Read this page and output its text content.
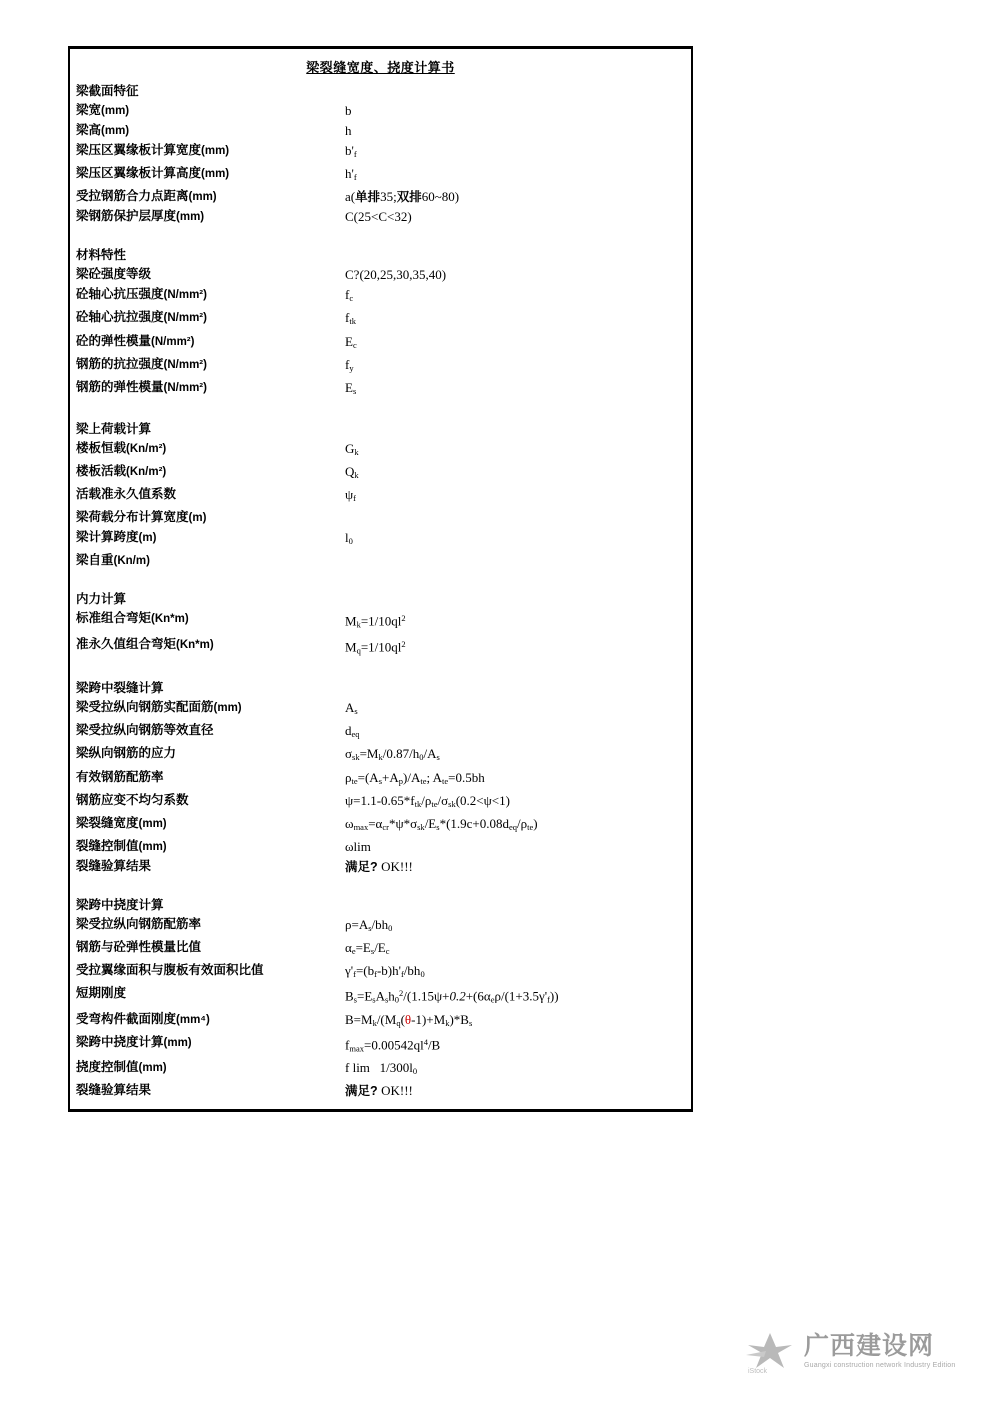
梁裂缝宽度、挠度计算书
梁截面特征
梁宽(mm)	b
梁高(mm)	h
梁压区翼缘板计算宽度(mm)	$b'_f$
梁压区翼缘板计算高度(mm)	$h'_f$
受拉钢筋合力点距离(mm)	a(单排35;双排60~80)
梁钢筋保护层厚度(mm)	C(25<C<32)
材料特性
梁砼强度等级	C?(20,25,30,35,40)
砼轴心抗压强度(N/mm²)	$f_c$
砼轴心抗拉强度(N/mm²)	$f_{tk}$
砼的弹性模量(N/mm²)	$E_c$
钢筋的抗拉强度(N/mm²)	$f_y$
钢筋的弹性模量(N/mm²)	$E_s$
梁上荷载计算
楼板恒载(Kn/m²)	$G_k$
楼板活载(Kn/m²)	$Q_k$
活载准永久值系数	$\psi_f$
梁荷载分布计算宽度(m)
梁计算跨度(m)	$l_0$
梁自重(Kn/m)
内力计算
标准组合弯矩(Kn*m)	$M_k=1/10ql^2$
准永久值组合弯矩(Kn*m)	$M_q=1/10ql^2$
梁跨中裂缝计算
梁受拉纵向钢筋实配面筋(mm)	$A_s$
梁受拉纵向钢筋等效直径	$d_{eq}$
梁纵向钢筋的应力	$\sigma_{sk}=M_k/0.87/h_0/A_s$
有效钢筋配筋率	$\rho_{te}=(A_s+A_p)/A_{te}$; $A_{te}=0.5bh$
钢筋应变不均匀系数	$\psi=1.1-0.65*f_{tk}/\rho_{te}/\sigma_{sk}(0.2<\psi<1)$
梁裂缝宽度(mm)	$\omega_{max}=\alpha_{cr}*\psi*\sigma_{sk}/E_s*(1.9c+0.08d_{eq}/\rho_{te})$
裂缝控制值(mm)	ωlim
裂缝验算结果	满足? OK!!!
梁跨中挠度计算
梁受拉纵向钢筋配筋率	$\rho=A_s/bh_0$
钢筋与砼弹性模量比值	$\alpha_e=E_s/E_c$
受拉翼缘面积与腹板有效面积比值	$\gamma'_f=(b_f-b)h'_f/bh_0$
短期刚度	$B_s=E_sA_sh_0^2/(1.15\psi+0.2+(6\alpha_e\rho/(1+3.5\gamma'_f))$
受弯构件截面刚度(mm⁴)	$B=M_k/(M_q(\theta-1)+M_k)*B_s$
梁跨中挠度计算(mm)	$f_{max}=0.00542ql^4/B$
挠度控制值(mm)	f $\lim 1/300l_0$
裂缝验算结果	满足? OK!!!
iStock
广西建设网
Guangxi construction network Industry Edition
